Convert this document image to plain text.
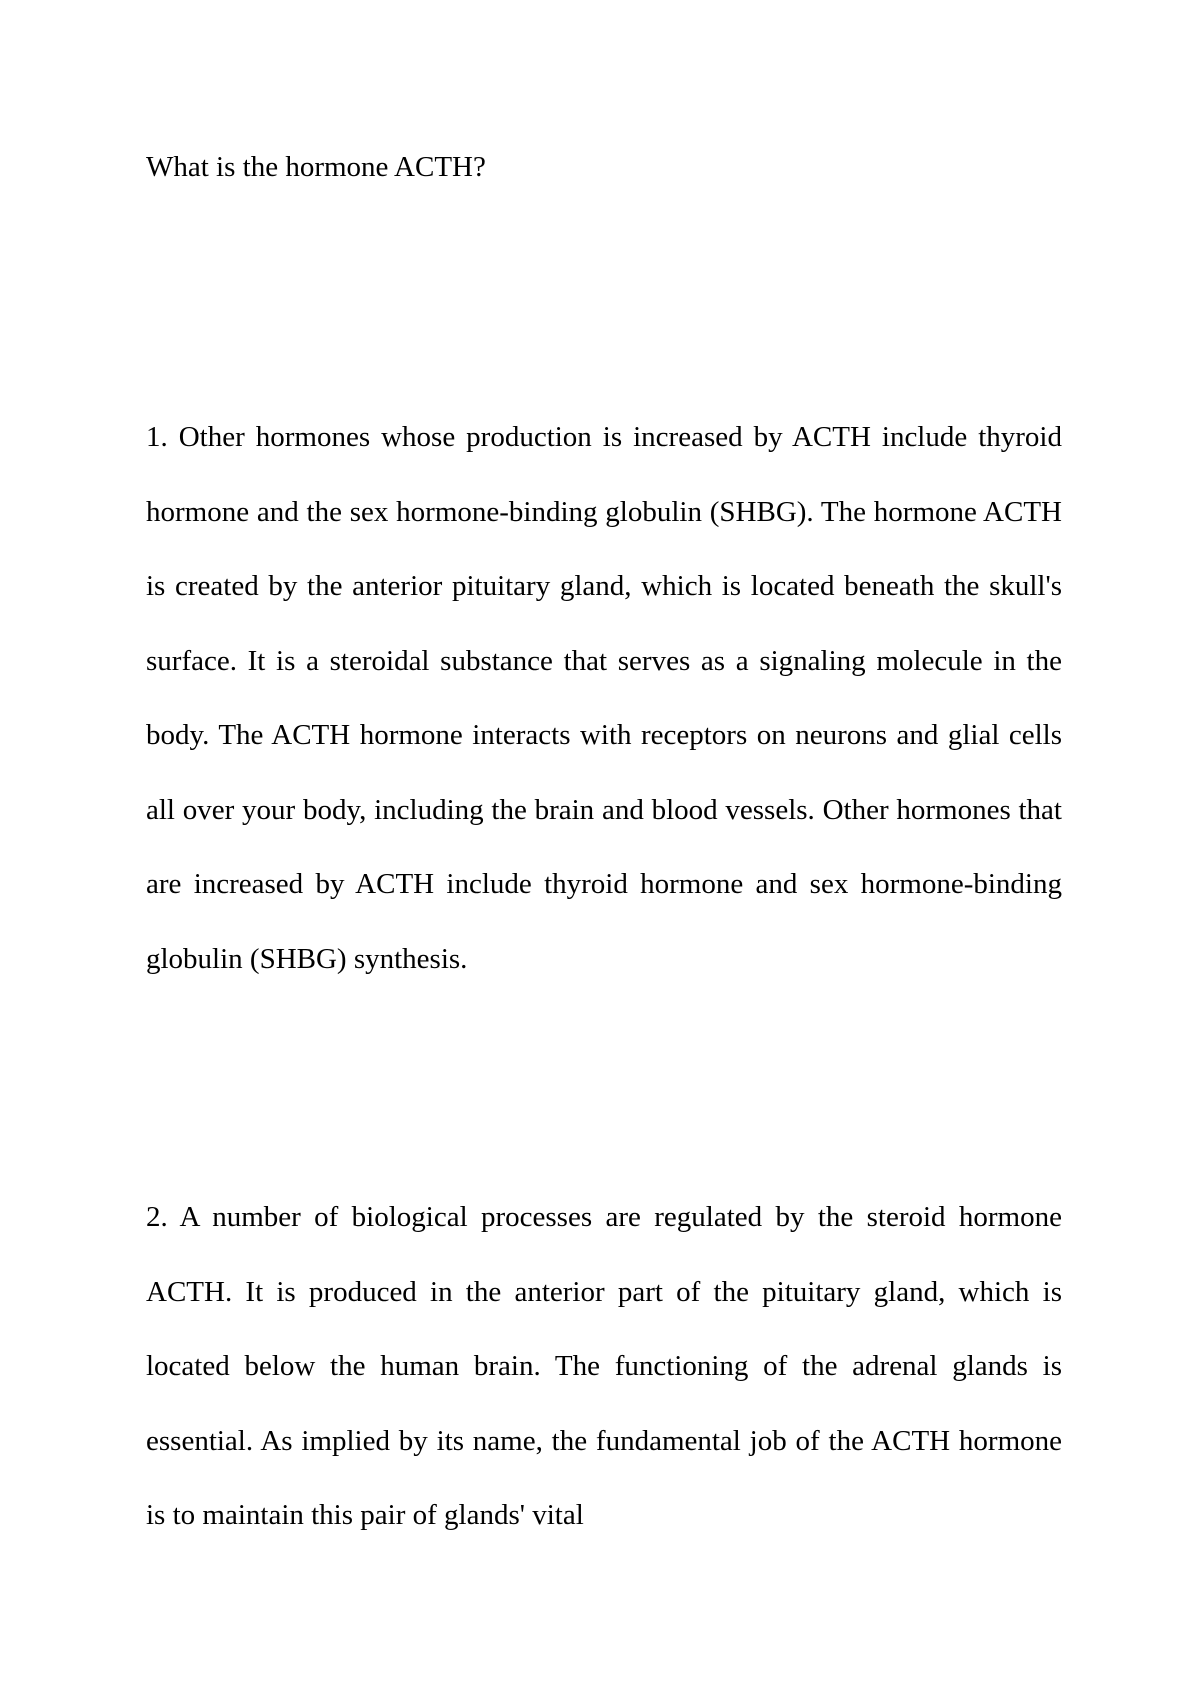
What is the hormone ACTH?

1. Other hormones whose production is increased by ACTH include thyroid hormone and the sex hormone-binding globulin (SHBG). The hormone ACTH is created by the anterior pituitary gland, which is located beneath the skull's surface. It is a steroidal substance that serves as a signaling molecule in the body. The ACTH hormone interacts with receptors on neurons and glial cells all over your body, including the brain and blood vessels. Other hormones that are increased by ACTH include thyroid hormone and sex hormone-binding globulin (SHBG) synthesis.

2. A number of biological processes are regulated by the steroid hormone ACTH. It is produced in the anterior part of the pituitary gland, which is located below the human brain. The functioning of the adrenal glands is essential. As implied by its name, the fundamental job of the ACTH hormone is to maintain this pair of glands' vital
